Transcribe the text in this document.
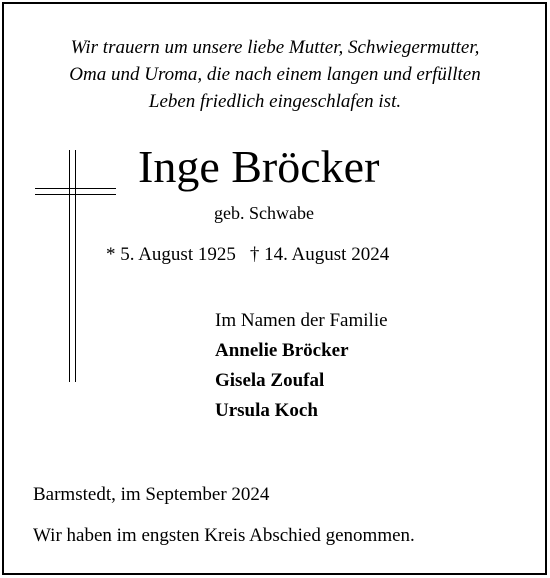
Wir trauern um unsere liebe Mutter, Schwiegermutter,
Oma und Uroma, die nach einem langen und erfüllten
Leben friedlich eingeschlafen ist.
Inge Bröcker
geb. Schwabe
* 5. August 1925 † 14. August 2024
Im Namen der Familie
Annelie Bröcker
Gisela Zoufal
Ursula Koch
Barmstedt, im September 2024
Wir haben im engsten Kreis Abschied genommen.
